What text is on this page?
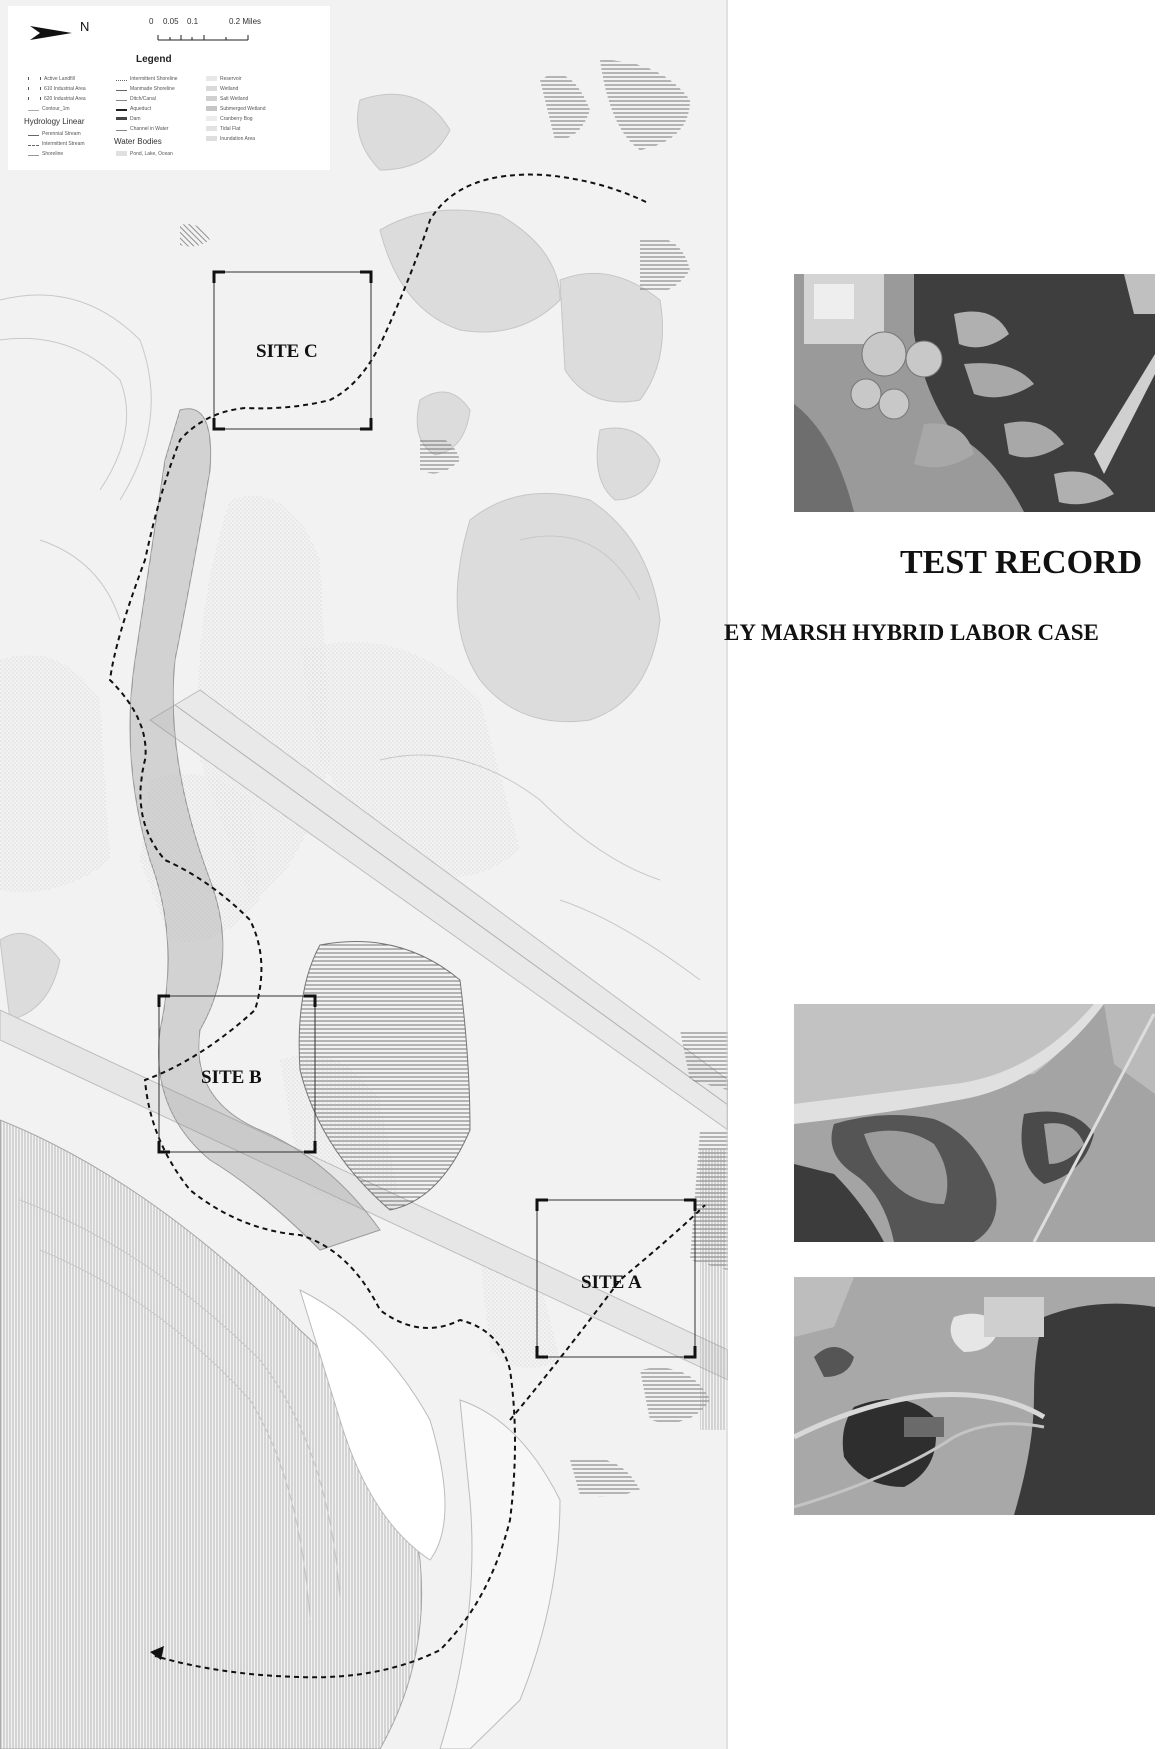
N	0 0.05 0.1	0.2 Miles
Legend
Active Landfill
610 Industrial Area
620 Industrial Area
Contour_1m
Hydrology Linear
Perennial Stream
Intermittent Stream
Shoreline
Intermittent Shoreline
Manmade Shoreline
Ditch/Canal
Aqueduct
Dam
Channel in Water
Water Bodies
Pond, Lake, Ocean
Reservoir
Wetland
Salt Wetland
Submerged Wetland
Cranberry Bog
Tidal Flat
Inundation Area
SITE C
SITE B
SITE A
TEST RECORD
EY MARSH HYBRID LABOR CASE
